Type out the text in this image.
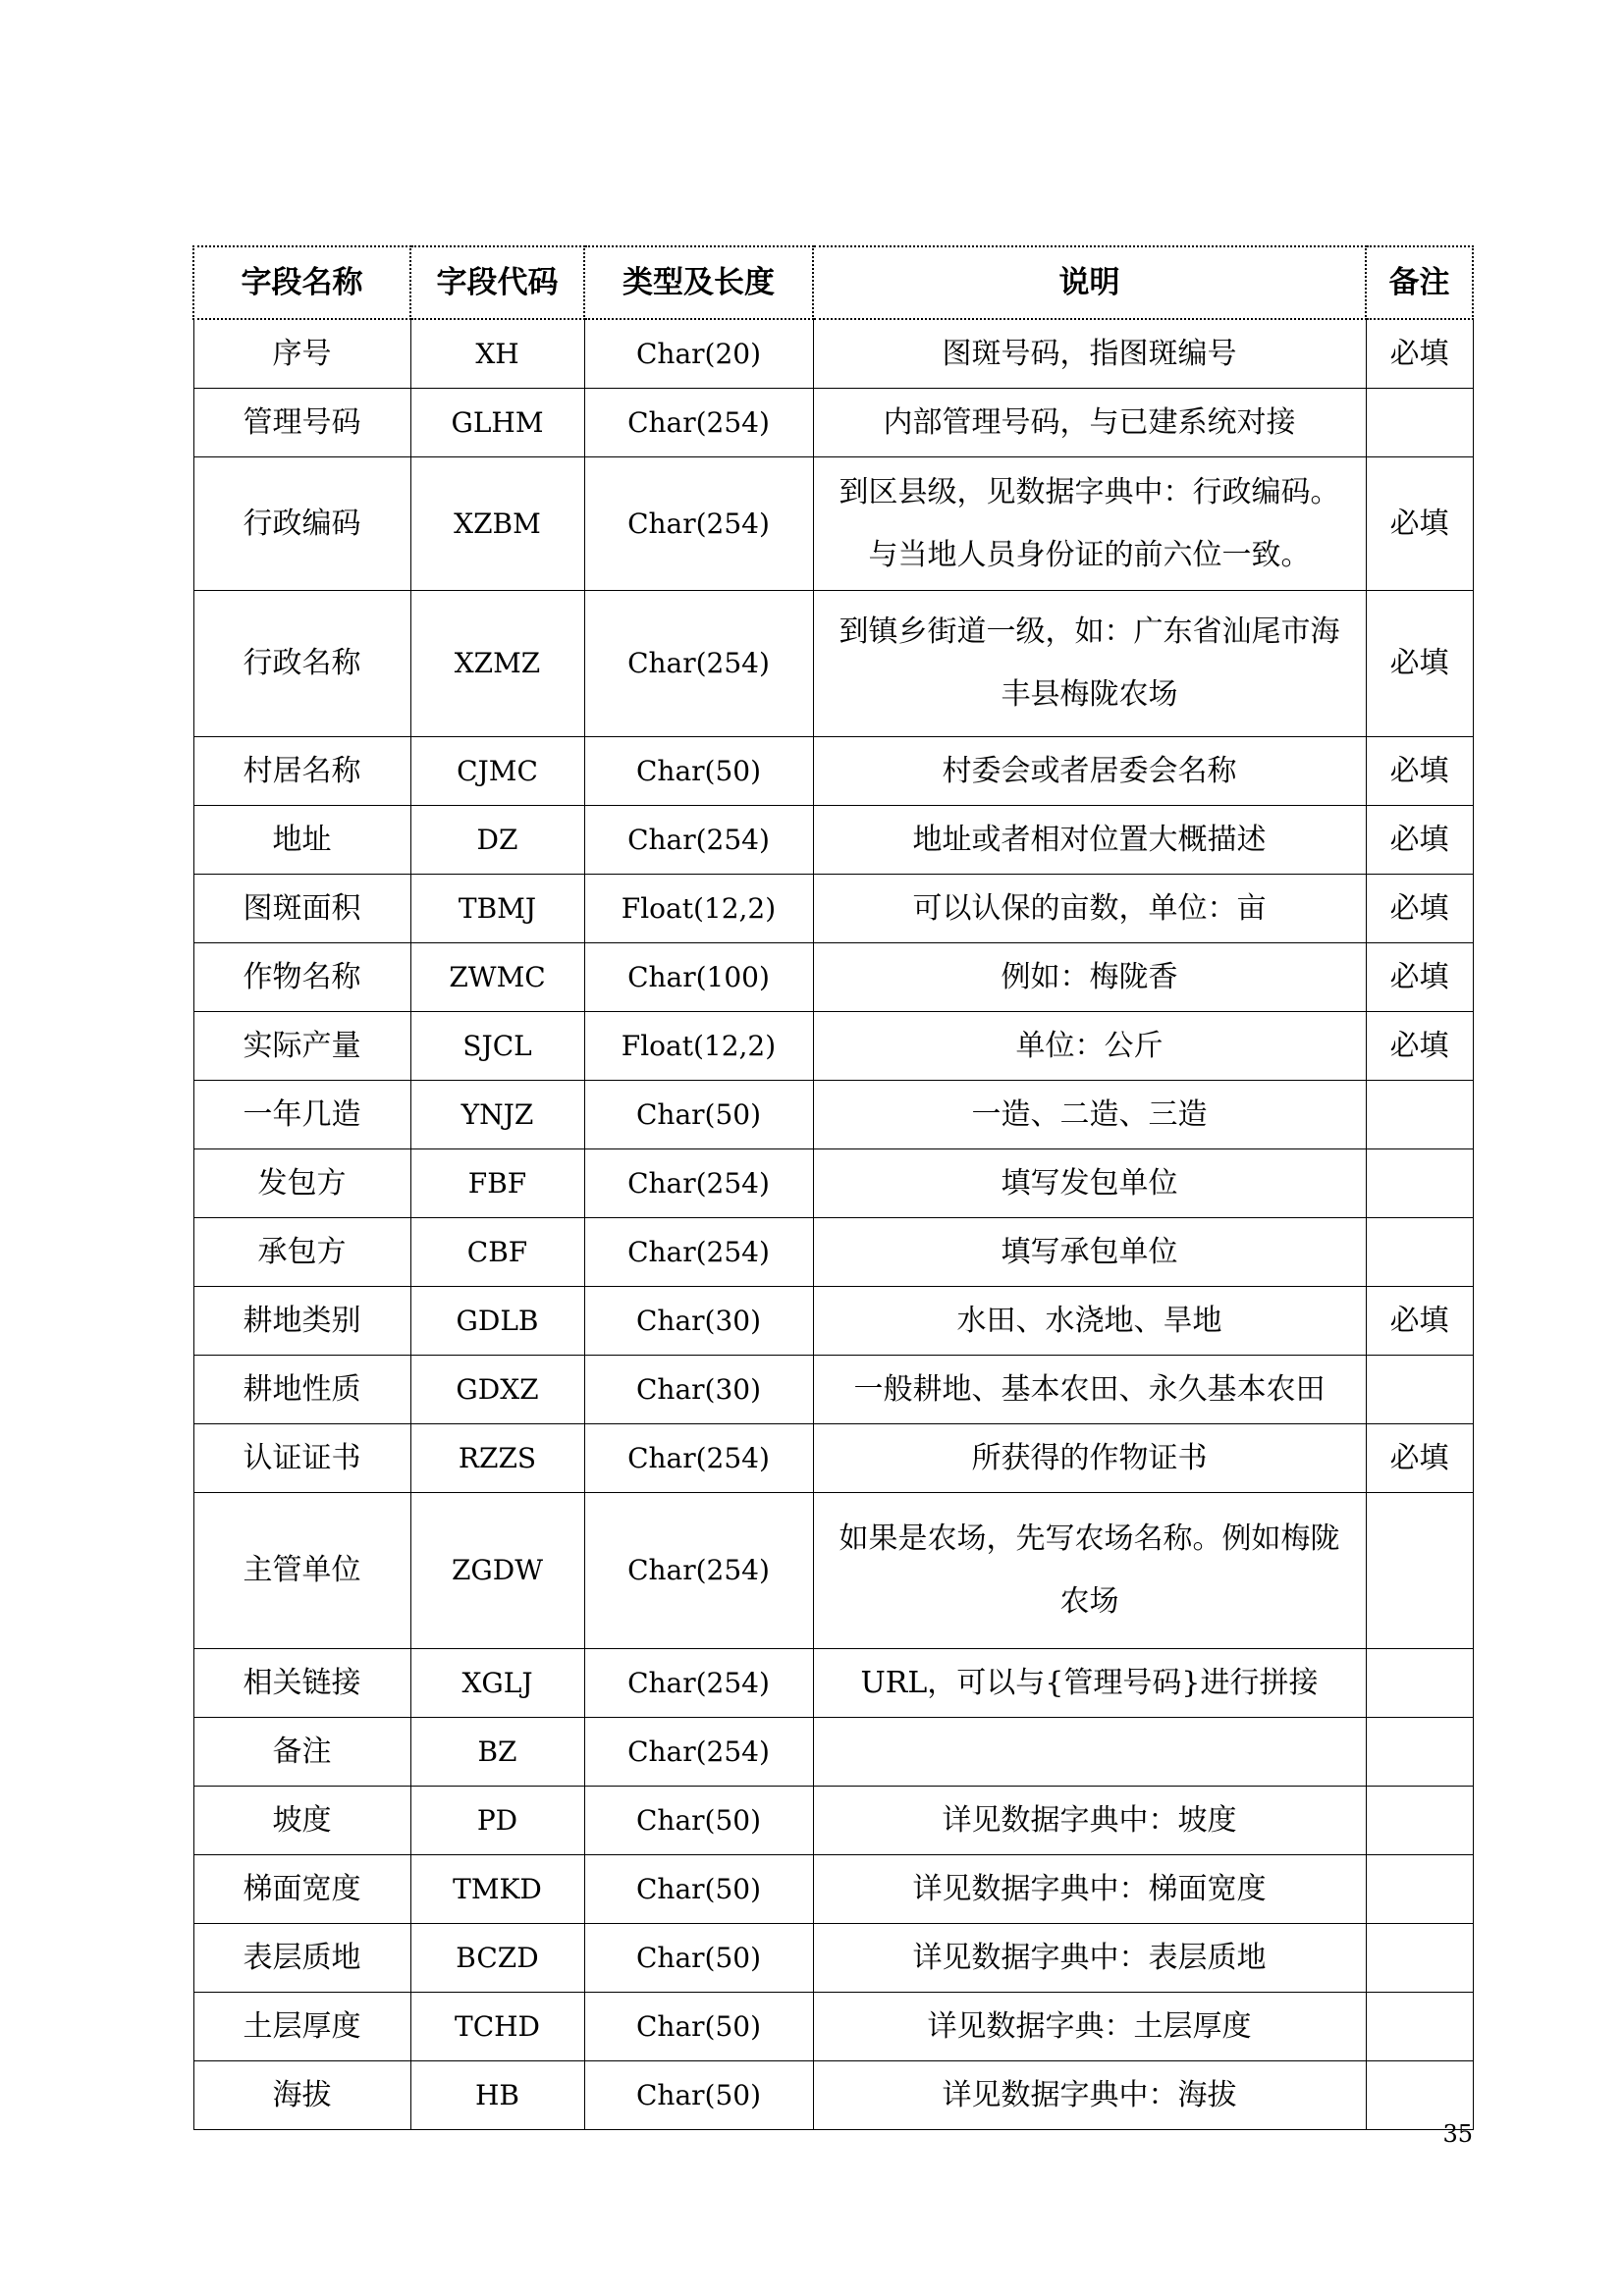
字段名称	字段代码	类型及长度	说明	备注
序号	XH	Char(20)	图斑号码，指图斑编号	必填
管理号码	GLHM	Char(254)	内部管理号码，与已建系统对接	
行政编码	XZBM	Char(254)	到区县级，见数据字典中：行政编码。与当地人员身份证的前六位一致。	必填
行政名称	XZMZ	Char(254)	到镇乡街道一级，如：广东省汕尾市海丰县梅陇农场	必填
村居名称	CJMC	Char(50)	村委会或者居委会名称	必填
地址	DZ	Char(254)	地址或者相对位置大概描述	必填
图斑面积	TBMJ	Float(12,2)	可以认保的亩数，单位：亩	必填
作物名称	ZWMC	Char(100)	例如：梅陇香	必填
实际产量	SJCL	Float(12,2)	单位：公斤	必填
一年几造	YNJZ	Char(50)	一造、二造、三造	
发包方	FBF	Char(254)	填写发包单位	
承包方	CBF	Char(254)	填写承包单位	
耕地类别	GDLB	Char(30)	水田、水浇地、旱地	必填
耕地性质	GDXZ	Char(30)	一般耕地、基本农田、永久基本农田	
认证证书	RZZS	Char(254)	所获得的作物证书	必填
主管单位	ZGDW	Char(254)	如果是农场，先写农场名称。例如梅陇农场	
相关链接	XGLJ	Char(254)	URL，可以与{管理号码}进行拼接	
备注	BZ	Char(254)		
坡度	PD	Char(50)	详见数据字典中：坡度	
梯面宽度	TMKD	Char(50)	详见数据字典中：梯面宽度	
表层质地	BCZD	Char(50)	详见数据字典中：表层质地	
土层厚度	TCHD	Char(50)	详见数据字典：土层厚度	
海拔	HB	Char(50)	详见数据字典中：海拔	
35
